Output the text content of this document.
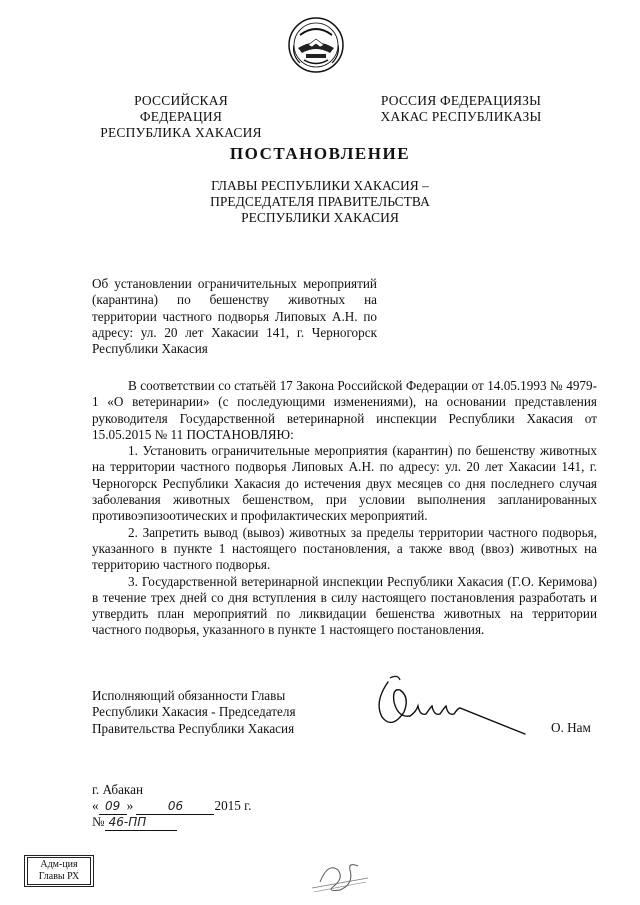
РОССИЙСКАЯ ФЕДЕРАЦИЯ
РЕСПУБЛИКА ХАКАСИЯ
РОССИЯ ФЕДЕРАЦИЯЗЫ
ХАКАС РЕСПУБЛИКАЗЫ
ПОСТАНОВЛЕНИЕ
ГЛАВЫ РЕСПУБЛИКИ ХАКАСИЯ –
ПРЕДСЕДАТЕЛЯ ПРАВИТЕЛЬСТВА
РЕСПУБЛИКИ ХАКАСИЯ
Об установлении ограничительных мероприятий (карантина) по бешенству животных на территории частного подворья Липовых А.Н. по адресу: ул. 20 лет Хакасии 141, г. Черногорск Республики Хакасия

В соответствии со статьёй 17 Закона Российской Федерации от 14.05.1993 № 4979-1 «О ветеринарии» (с последующими изменениями), на основании представления руководителя Государственной ветеринарной инспекции Республики Хакасия от 15.05.2015 № 11 ПОСТАНОВЛЯЮ:

1. Установить ограничительные мероприятия (карантин) по бешенству животных на территории частного подворья Липовых А.Н. по адресу: ул. 20 лет Хакасии 141, г. Черногорск Республики Хакасия до истечения двух месяцев со дня последнего случая заболевания животных бешенством, при условии выполнения запланированных противоэпизоотических и профилактических мероприятий.

2. Запретить вывод (вывоз) животных за пределы территории частного подворья, указанного в пункте 1 настоящего постановления, а также ввод (ввоз) животных на территорию частного подворья.

3. Государственной ветеринарной инспекции Республики Хакасия (Г.О. Керимова) в течение трех дней со дня вступления в силу настоящего постановления разработать и утвердить план мероприятий по ликвидации бешенства животных на территории частного подворья, указанного в пункте 1 настоящего постановления.

Исполняющий обязанности Главы
Республики Хакасия - Председателя
Правительства Республики Хакасия	О. Нам
г. Абакан
« 09 »	06 2015 г.
№ 46-ПП
Адм-ция
Главы РХ
